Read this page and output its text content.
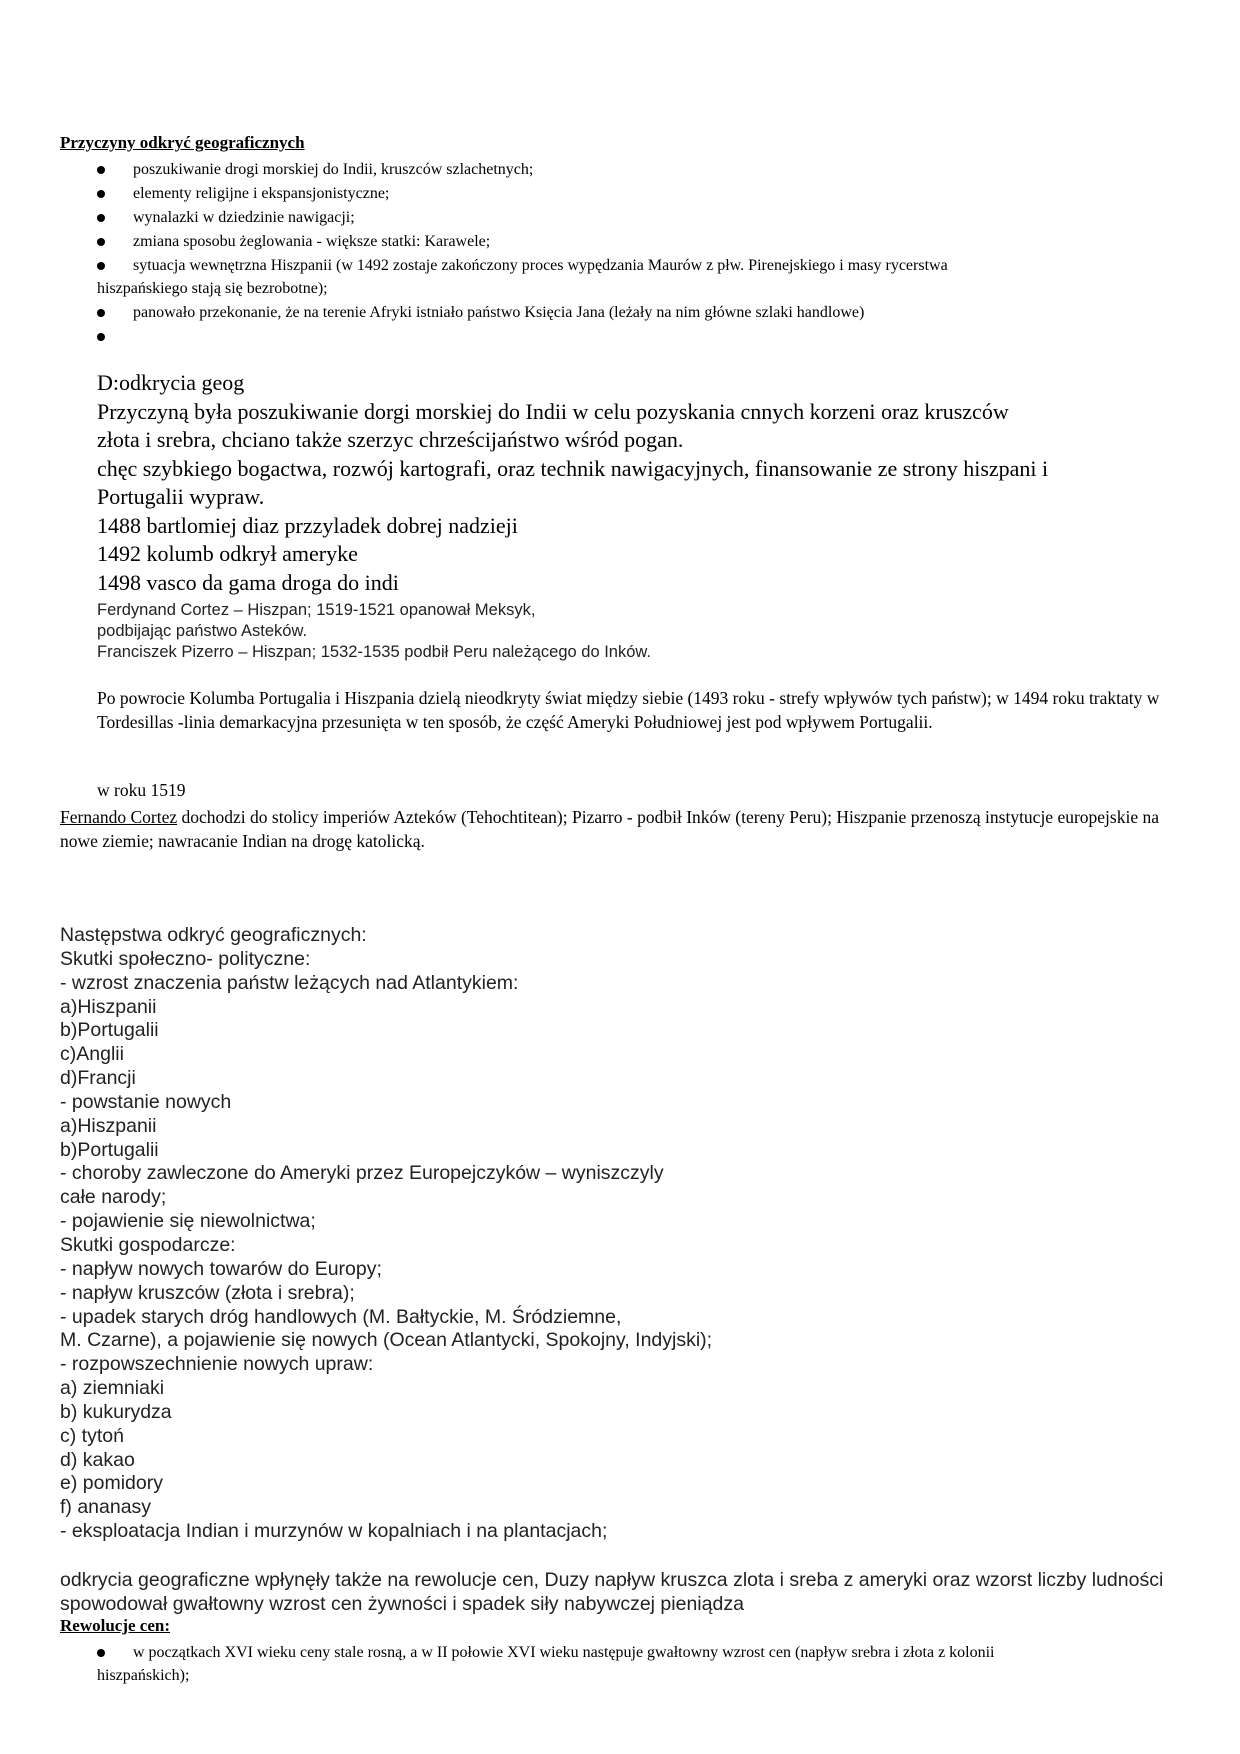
Przyczyny odkryć geograficznych

poszukiwanie drogi morskiej do Indii, kruszców szlachetnych;

elementy religijne i ekspansjonistyczne;

wynalazki w dziedzinie nawigacji;

zmiana sposobu żeglowania - większe statki: Karawele;

sytuacja wewnętrzna Hiszpanii (w 1492 zostaje zakończony proces wypędzania Maurów z płw. Pirenejskiego i masy rycerstwa
hiszpańskiego stają się bezrobotne);

panowało przekonanie, że na terenie Afryki istniało państwo Księcia Jana (leżały na nim główne szlaki handlowe)

D:odkrycia geog
Przyczyną była poszukiwanie dorgi morskiej do Indii w celu pozyskania cnnych korzeni oraz kruszców
złota i srebra, chciano także szerzyc chrześcijaństwo wśród pogan.
chęc szybkiego bogactwa, rozwój kartografi, oraz technik nawigacyjnych, finansowanie ze strony hiszpani i
Portugalii wypraw.
1488 bartlomiej diaz przzyladek dobrej nadzieji
1492 kolumb odkrył ameryke
1498 vasco da gama droga do indi
Ferdynand Cortez – Hiszpan; 1519-1521 opanował Meksyk,
podbijając państwo Asteków.
Franciszek Pizerro – Hiszpan; 1532-1535 podbił Peru należącego do Inków.
Po powrocie Kolumba Portugalia i Hiszpania dzielą nieodkryty świat między siebie (1493 roku - strefy wpływów tych państw); w 1494 roku traktaty w Tordesillas -linia demarkacyjna przesunięta w ten sposób, że część Ameryki Południowej jest pod wpływem Portugalii.
w roku 1519
Fernando Cortez dochodzi do stolicy imperiów Azteków (Tehochtitean); Pizarro - podbił Inków (tereny Peru); Hiszpanie przenoszą instytucje europejskie na nowe ziemie; nawracanie Indian na drogę katolicką.
Następstwa odkryć geograficznych:
Skutki społeczno- polityczne:
- wzrost znaczenia państw leżących nad Atlantykiem:
a)Hiszpanii
b)Portugalii
c)Anglii
d)Francji
- powstanie nowych
a)Hiszpanii
b)Portugalii
- choroby zawleczone do Ameryki przez Europejczyków – wyniszczyly
całe narody;
- pojawienie się niewolnictwa;
Skutki gospodarcze:
- napływ nowych towarów do Europy;
- napływ kruszców (złota i srebra);
- upadek starych dróg handlowych (M. Bałtyckie, M. Śródziemne,
M. Czarne), a pojawienie się nowych (Ocean Atlantycki, Spokojny, Indyjski);
- rozpowszechnienie nowych upraw:
a) ziemniaki
b) kukurydza
c) tytoń
d) kakao
e) pomidory
f) ananasy
- eksploatacja Indian i murzynów w kopalniach i na plantacjach;
odkrycia geograficzne wpłynęły także na rewolucje cen, Duzy napływ kruszca zlota i sreba z ameryki oraz wzorst liczby ludności spowodował gwałtowny wzrost cen żywności i spadek siły nabywczej pieniądza
Rewolucje cen:

w początkach XVI wieku ceny stale rosną, a w II połowie XVI wieku następuje gwałtowny wzrost cen (napływ srebra i złota z kolonii
hiszpańskich);
